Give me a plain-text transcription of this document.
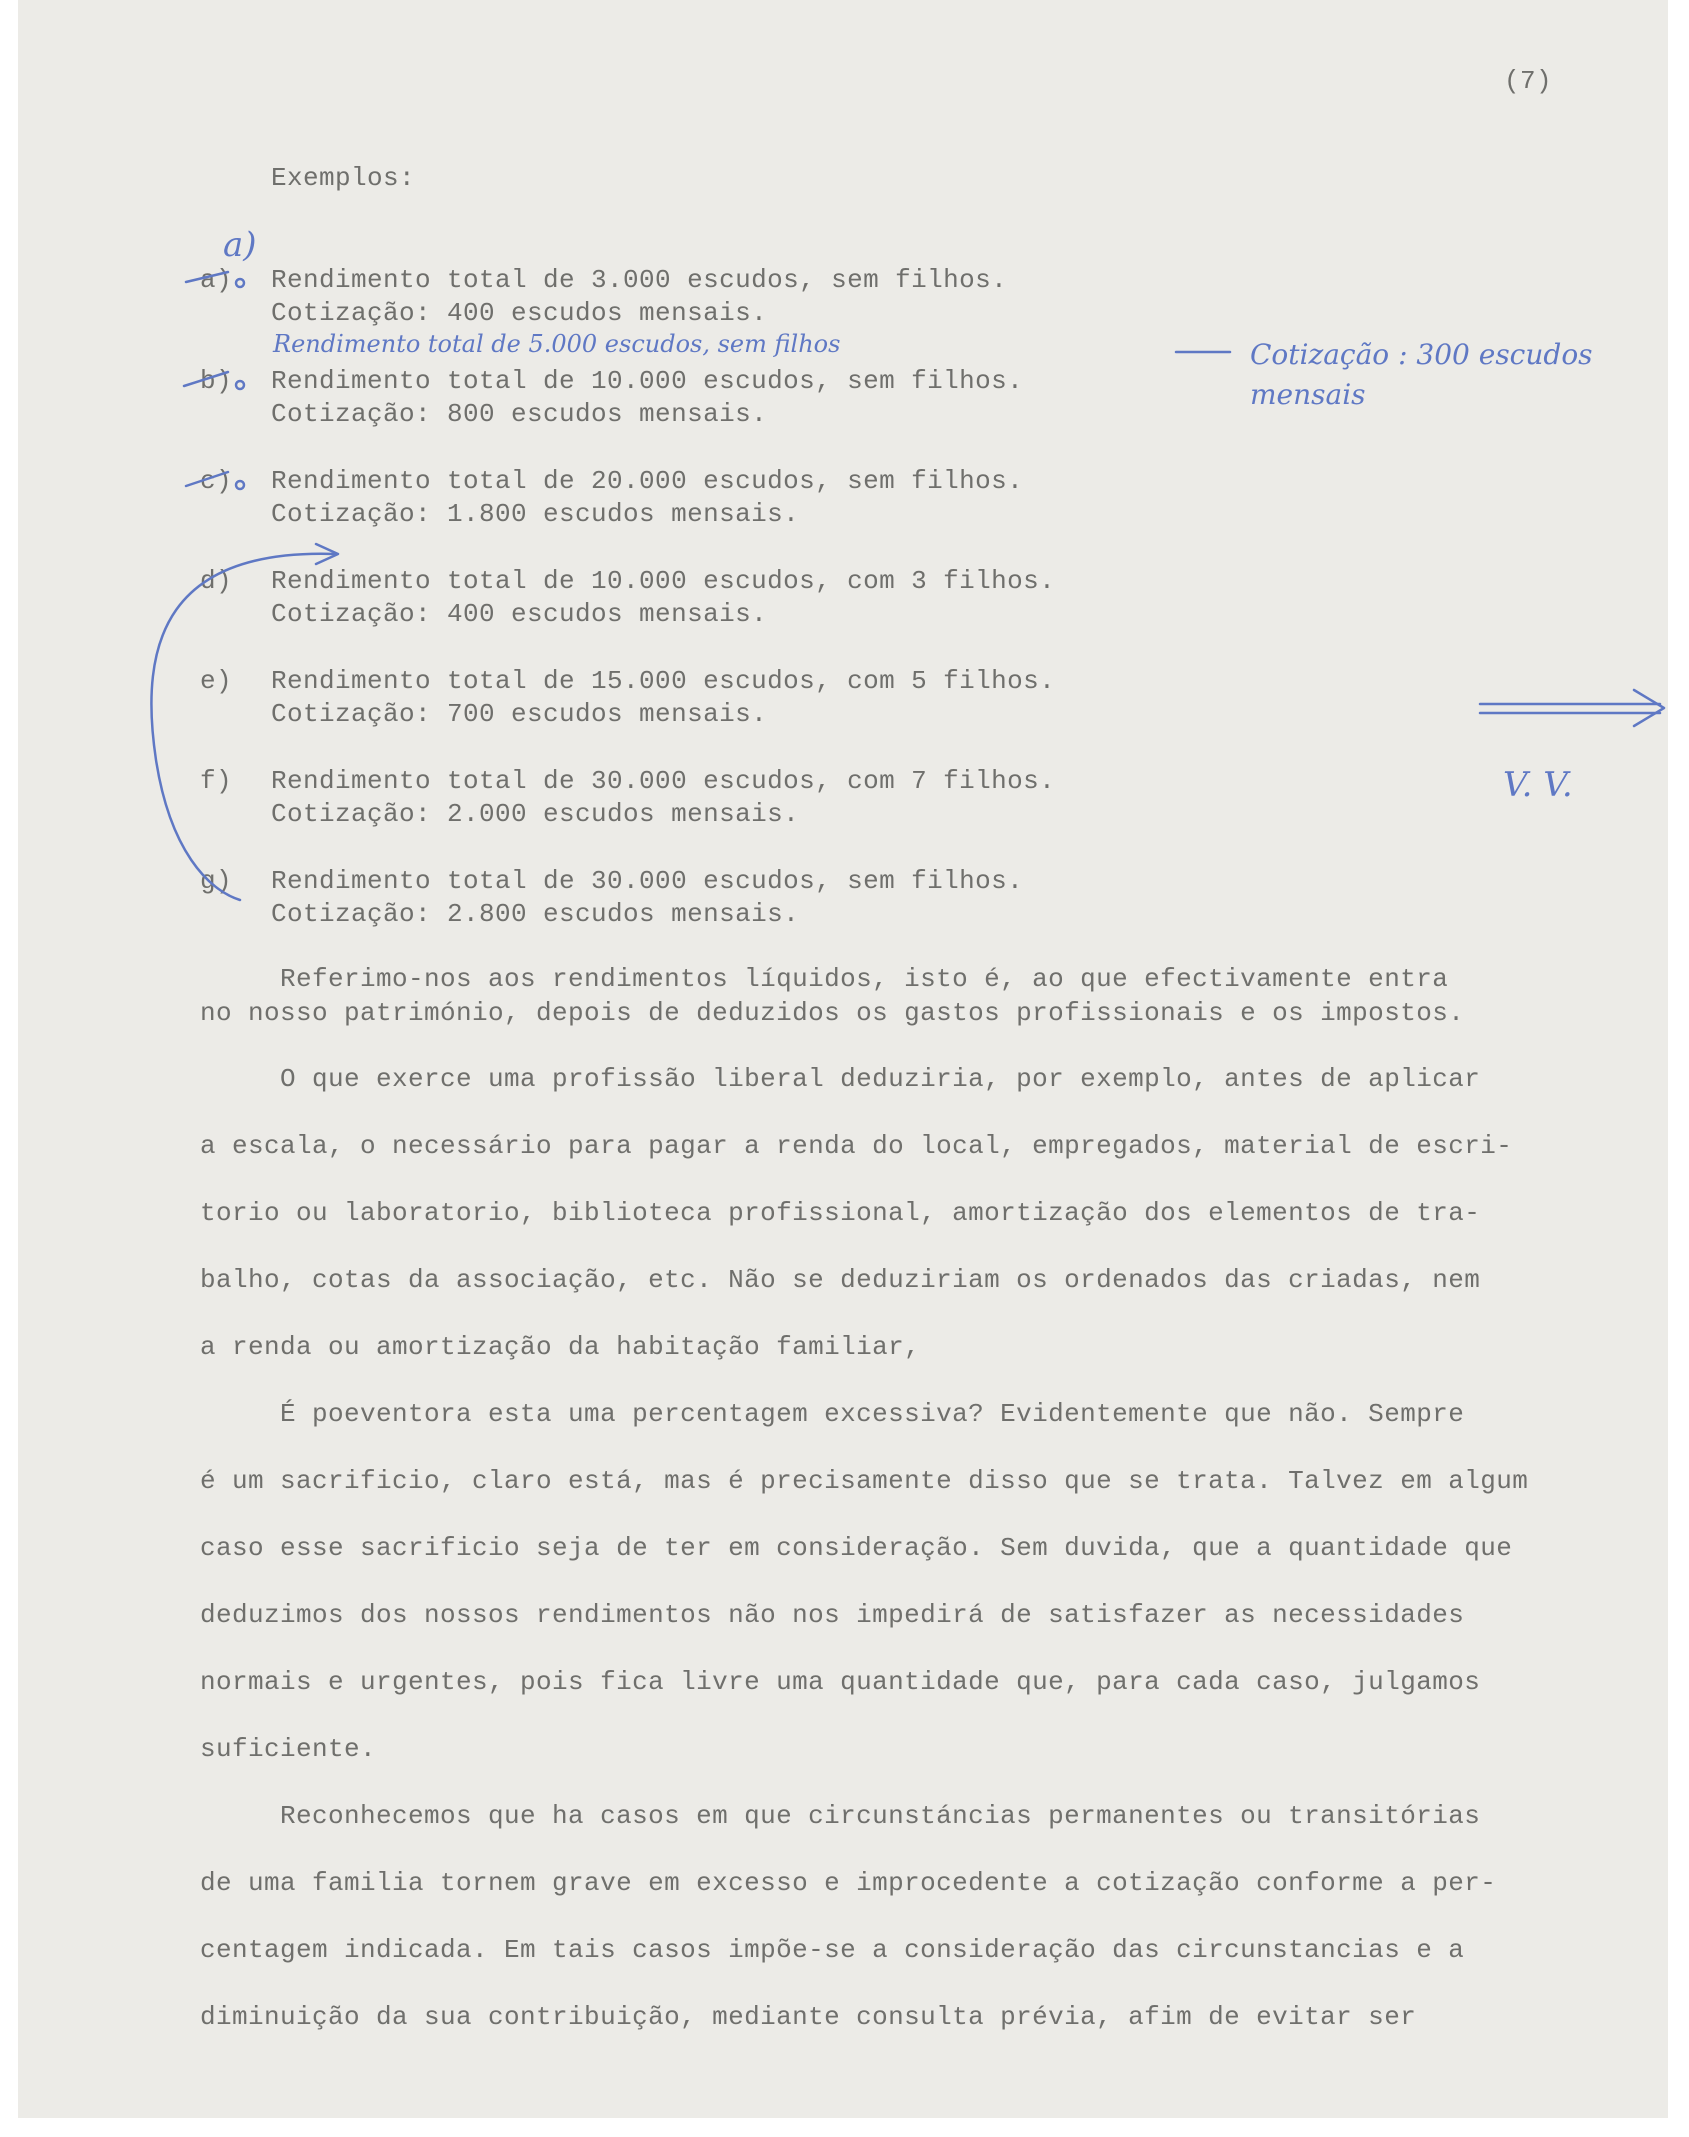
(7)
Exemplos:
a) Rendimento total de 3.000 escudos, sem filhos.
Cotização: 400 escudos mensais.
b) Rendimento total de 10.000 escudos, sem filhos.
Cotização: 800 escudos mensais.
c) Rendimento total de 20.000 escudos, sem filhos.
Cotização: 1.800 escudos mensais.
d) Rendimento total de 10.000 escudos, com 3 filhos.
Cotização: 400 escudos mensais.
e) Rendimento total de 15.000 escudos, com 5 filhos.
Cotização: 700 escudos mensais.
f) Rendimento total de 30.000 escudos, com 7 filhos.
Cotização: 2.000 escudos mensais.
g) Rendimento total de 30.000 escudos, sem filhos.
Cotização: 2.800 escudos mensais.
Referimo-nos aos rendimentos líquidos, isto é, ao que efectivamente entra
no nosso património, depois de deduzidos os gastos profissionais e os impostos.
O que exerce uma profissão liberal deduziria, por exemplo, antes de aplicar
a escala, o necessário para pagar a renda do local, empregados, material de escri-
torio ou laboratorio, biblioteca profissional, amortização dos elementos de tra-
balho, cotas da associação, etc. Não se deduziriam os ordenados das criadas, nem
a renda ou amortização da habitação familiar,
É poeventora esta uma percentagem excessiva? Evidentemente que não. Sempre
é um sacrificio, claro está, mas é precisamente disso que se trata. Talvez em algum
caso esse sacrificio seja de ter em consideração. Sem duvida, que a quantidade que
deduzimos dos nossos rendimentos não nos impedirá de satisfazer as necessidades
normais e urgentes, pois fica livre uma quantidade que, para cada caso, julgamos
suficiente.
Reconhecemos que ha casos em que circunstáncias permanentes ou transitórias
de uma familia tornem grave em excesso e improcedente a cotização conforme a per-
centagem indicada. Em tais casos impõe-se a consideração das circunstancias e a
diminuição da sua contribuição, mediante consulta prévia, afim de evitar ser
a)
Rendimento total de 5.000 escudos, sem filhos	Cotização : 300 escudos mensais
V. V.
